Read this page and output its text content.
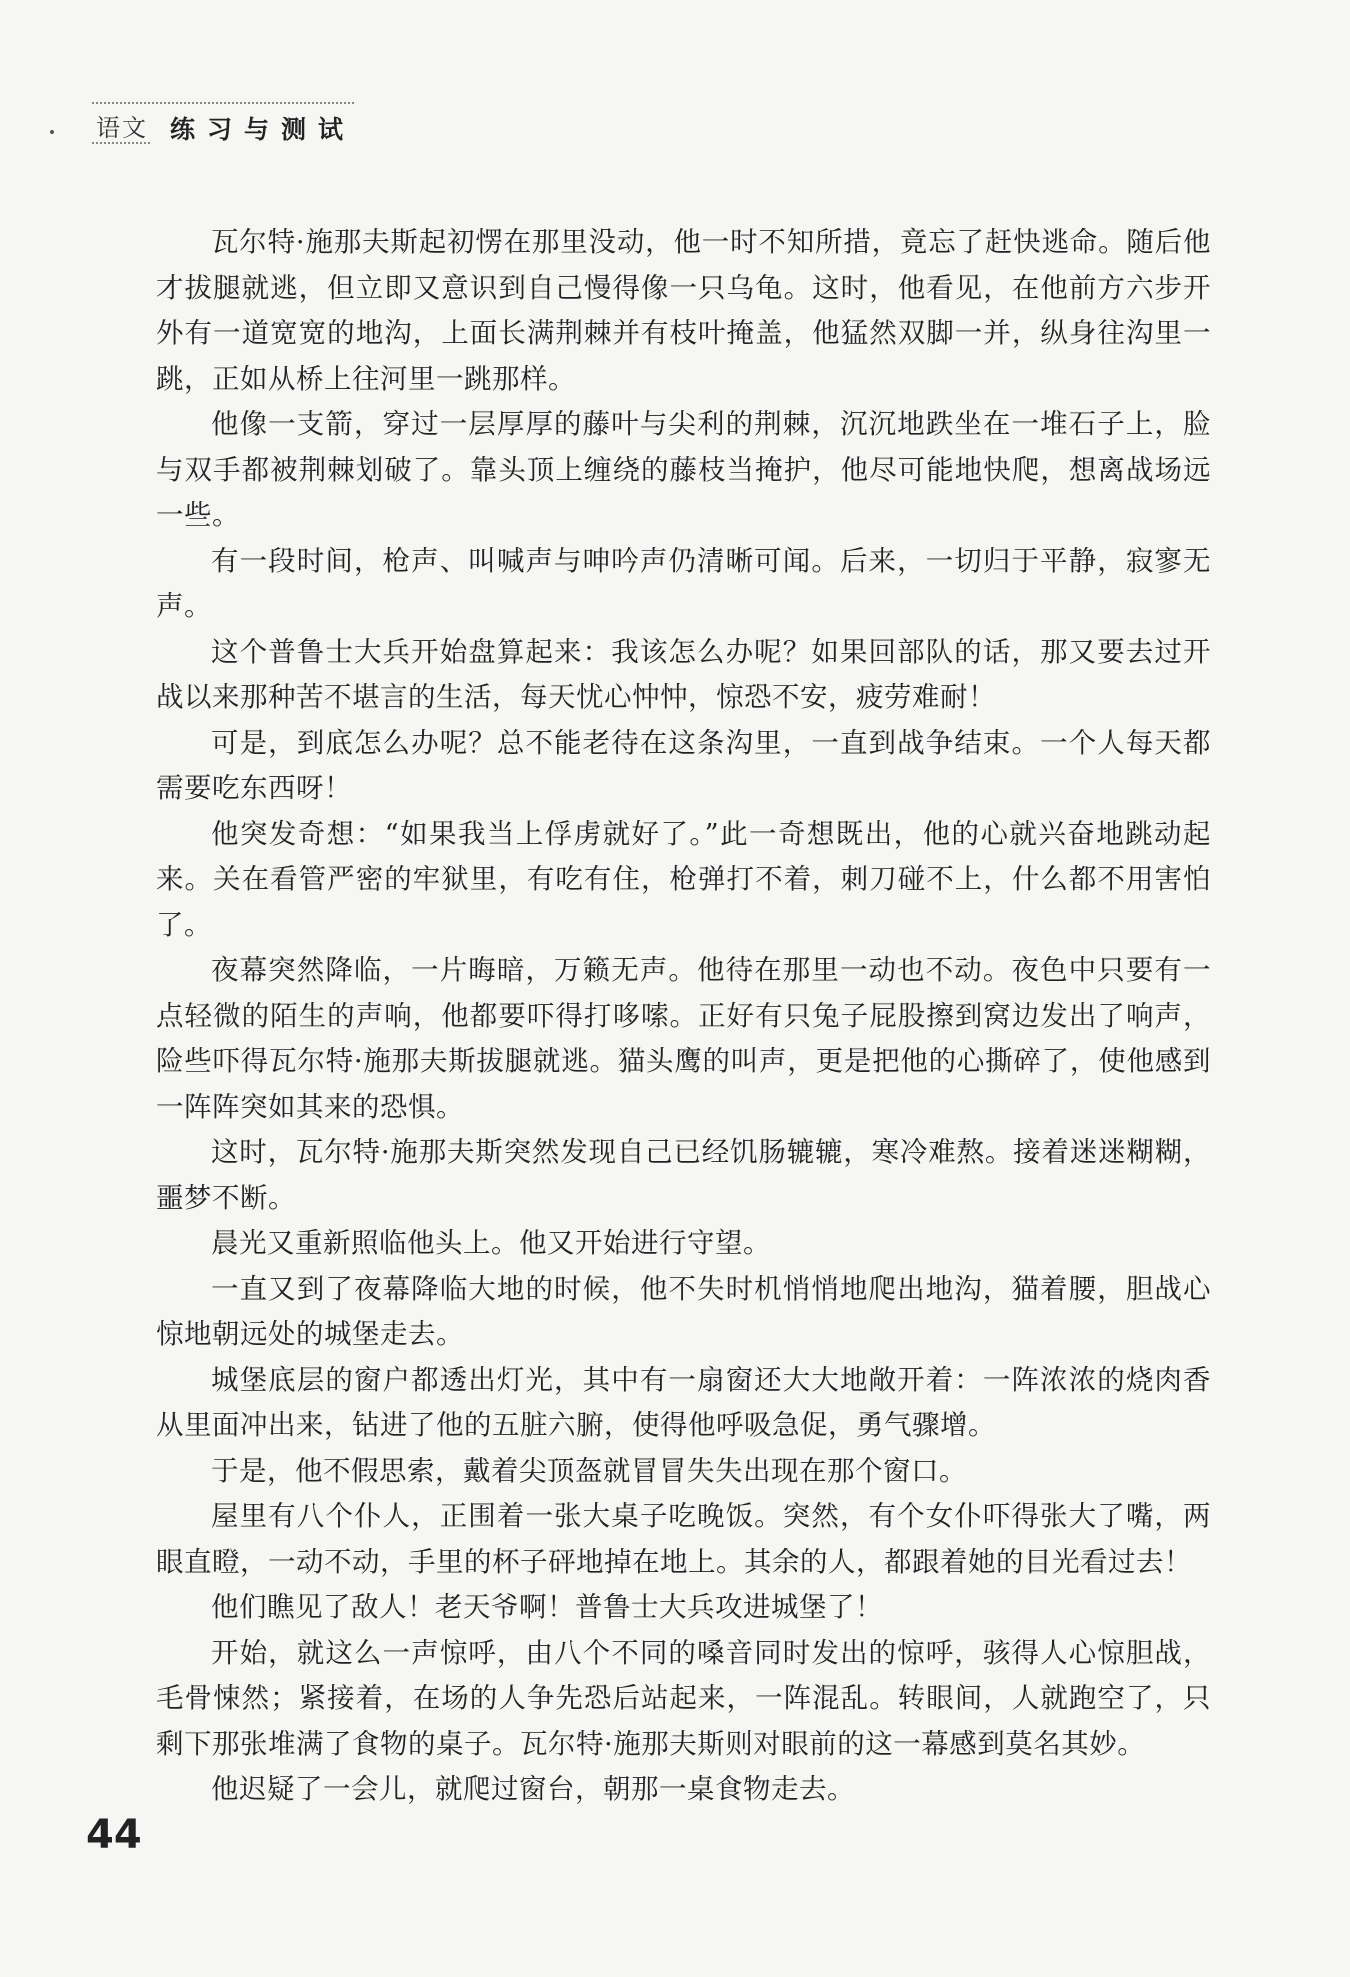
语文 练习与测试

瓦尔特·施那夫斯起初愣在那里没动，他一时不知所措，竟忘了赶快逃命。随后他才拔腿就逃，但立即又意识到自己慢得像一只乌龟。这时，他看见，在他前方六步开外有一道宽宽的地沟，上面长满荆棘并有枝叶掩盖，他猛然双脚一并，纵身往沟里一跳，正如从桥上往河里一跳那样。

他像一支箭，穿过一层厚厚的藤叶与尖利的荆棘，沉沉地跌坐在一堆石子上，脸与双手都被荆棘划破了。靠头顶上缠绕的藤枝当掩护，他尽可能地快爬，想离战场远一些。

有一段时间，枪声、叫喊声与呻吟声仍清晰可闻。后来，一切归于平静，寂寥无声。

这个普鲁士大兵开始盘算起来：我该怎么办呢？如果回部队的话，那又要去过开战以来那种苦不堪言的生活，每天忧心忡忡，惊恐不安，疲劳难耐！

可是，到底怎么办呢？总不能老待在这条沟里，一直到战争结束。一个人每天都需要吃东西呀！

他突发奇想：“如果我当上俘虏就好了。”此一奇想既出，他的心就兴奋地跳动起来。关在看管严密的牢狱里，有吃有住，枪弹打不着，刺刀碰不上，什么都不用害怕了。

夜幕突然降临，一片晦暗，万籁无声。他待在那里一动也不动。夜色中只要有一点轻微的陌生的声响，他都要吓得打哆嗦。正好有只兔子屁股擦到窝边发出了响声，险些吓得瓦尔特·施那夫斯拔腿就逃。猫头鹰的叫声，更是把他的心撕碎了，使他感到一阵阵突如其来的恐惧。

这时，瓦尔特·施那夫斯突然发现自己已经饥肠辘辘，寒冷难熬。接着迷迷糊糊，噩梦不断。

晨光又重新照临他头上。他又开始进行守望。

一直又到了夜幕降临大地的时候，他不失时机悄悄地爬出地沟，猫着腰，胆战心惊地朝远处的城堡走去。

城堡底层的窗户都透出灯光，其中有一扇窗还大大地敞开着：一阵浓浓的烧肉香从里面冲出来，钻进了他的五脏六腑，使得他呼吸急促，勇气骤增。

于是，他不假思索，戴着尖顶盔就冒冒失失出现在那个窗口。

屋里有八个仆人，正围着一张大桌子吃晚饭。突然，有个女仆吓得张大了嘴，两眼直瞪，一动不动，手里的杯子砰地掉在地上。其余的人，都跟着她的目光看过去！

他们瞧见了敌人！老天爷啊！普鲁士大兵攻进城堡了！

开始，就这么一声惊呼，由八个不同的嗓音同时发出的惊呼，骇得人心惊胆战，毛骨悚然；紧接着，在场的人争先恐后站起来，一阵混乱。转眼间，人就跑空了，只剩下那张堆满了食物的桌子。瓦尔特·施那夫斯则对眼前的这一幕感到莫名其妙。

他迟疑了一会儿，就爬过窗台，朝那一桌食物走去。

44
